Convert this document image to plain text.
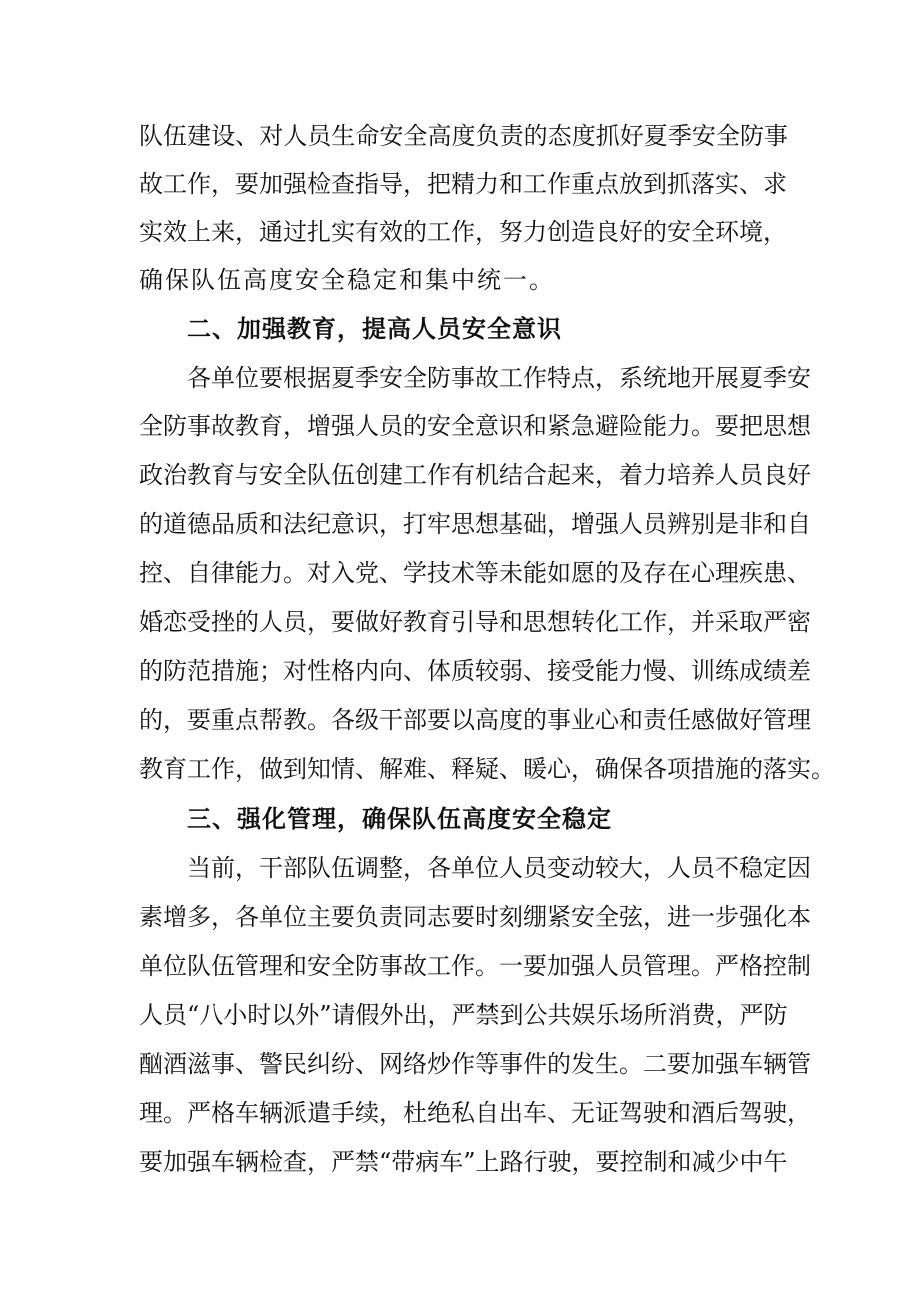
队伍建设、对人员生命安全高度负责的态度抓好夏季安全防事
故工作，要加强检查指导，把精力和工作重点放到抓落实、求
实效上来，通过扎实有效的工作，努力创造良好的安全环境，
确保队伍高度安全稳定和集中统一。
二、加强教育，提高人员安全意识
各单位要根据夏季安全防事故工作特点，系统地开展夏季安
全防事故教育，增强人员的安全意识和紧急避险能力。要把思想
政治教育与安全队伍创建工作有机结合起来，着力培养人员良好
的道德品质和法纪意识，打牢思想基础，增强人员辨别是非和自
控、自律能力。对入党、学技术等未能如愿的及存在心理疾患、
婚恋受挫的人员，要做好教育引导和思想转化工作，并采取严密
的防范措施；对性格内向、体质较弱、接受能力慢、训练成绩差
的，要重点帮教。各级干部要以高度的事业心和责任感做好管理
教育工作，做到知情、解难、释疑、暖心，确保各项措施的落实。
三、强化管理，确保队伍高度安全稳定
当前，干部队伍调整，各单位人员变动较大，人员不稳定因
素增多，各单位主要负责同志要时刻绷紧安全弦，进一步强化本
单位队伍管理和安全防事故工作。一要加强人员管理。严格控制
人员“八小时以外”请假外出，严禁到公共娱乐场所消费，严防
酗酒滋事、警民纠纷、网络炒作等事件的发生。二要加强车辆管
理。严格车辆派遣手续，杜绝私自出车、无证驾驶和酒后驾驶，
要加强车辆检查，严禁“带病车”上路行驶，要控制和减少中午
